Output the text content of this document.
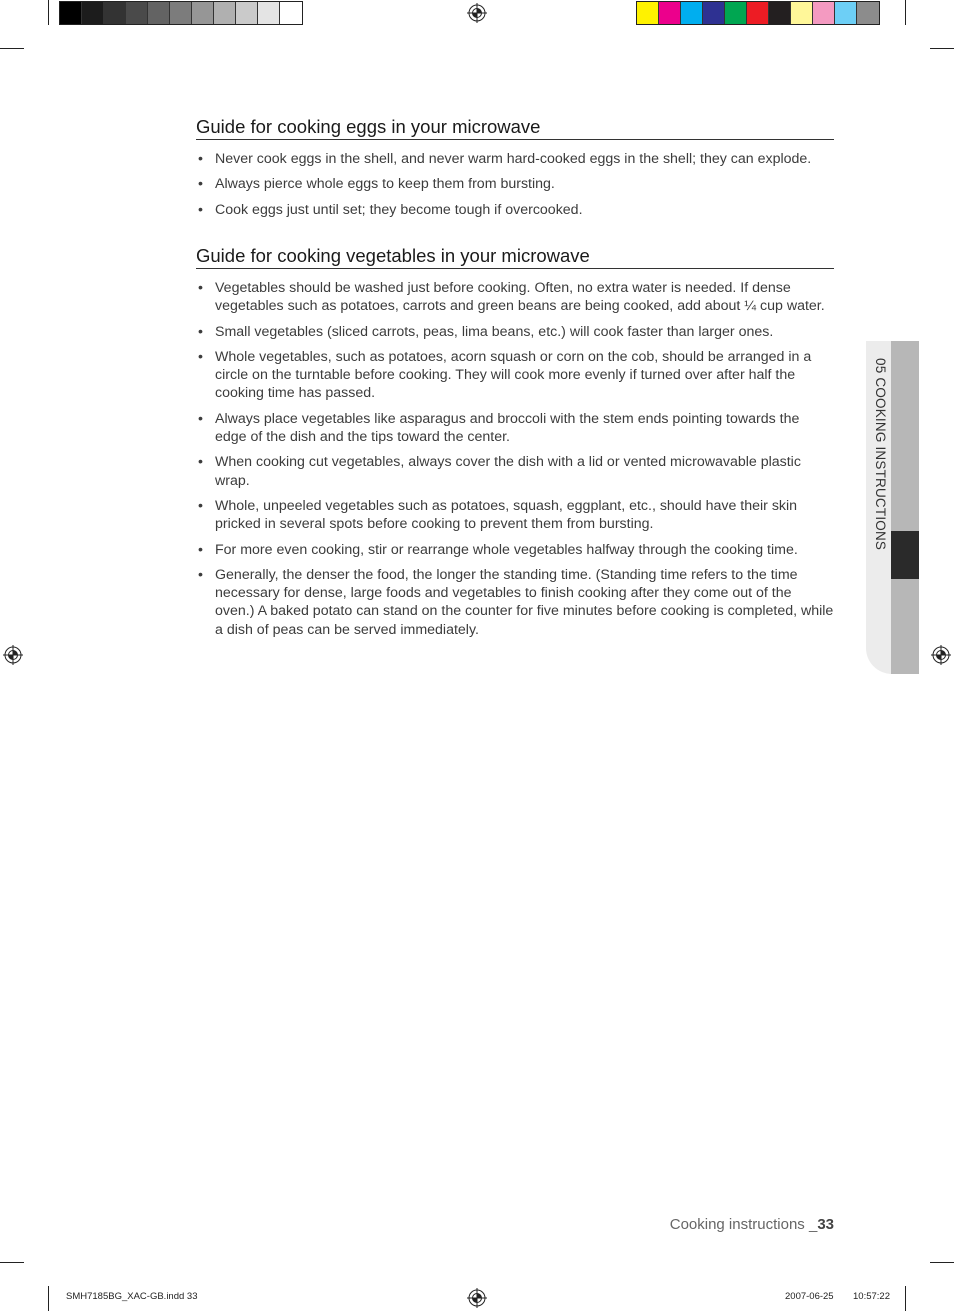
Guide for cooking eggs in your microwave
• Never cook eggs in the shell, and never warm hard-cooked eggs in the shell; they can explode.
• Always pierce whole eggs to keep them from bursting.
• Cook eggs just until set; they become tough if overcooked.
Guide for cooking vegetables in your microwave
• Vegetables should be washed just before cooking. Often, no extra water is needed. If dense vegetables such as potatoes, carrots and green beans are being cooked, add about ¼ cup water.
• Small vegetables (sliced carrots, peas, lima beans, etc.) will cook faster than larger ones.
• Whole vegetables, such as potatoes, acorn squash or corn on the cob, should be arranged in a circle on the turntable before cooking. They will cook more evenly if turned over after half the cooking time has passed.
• Always place vegetables like asparagus and broccoli with the stem ends pointing towards the edge of the dish and the tips toward the center.
• When cooking cut vegetables, always cover the dish with a lid or vented microwavable plastic wrap.
• Whole, unpeeled vegetables such as potatoes, squash, eggplant, etc., should have their skin pricked in several spots before cooking to prevent them from bursting.
• For more even cooking, stir or rearrange whole vegetables halfway through the cooking time.
• Generally, the denser the food, the longer the standing time. (Standing time refers to the time necessary for dense, large foods and vegetables to finish cooking after they come out of the oven.) A baked potato can stand on the counter for five minutes before cooking is completed, while a dish of peas can be served immediately.
05 COOKING INSTRUCTIONS
Cooking instructions _33
SMH7185BG_XAC-GB.indd 33	2007-06-25 10:57:22
